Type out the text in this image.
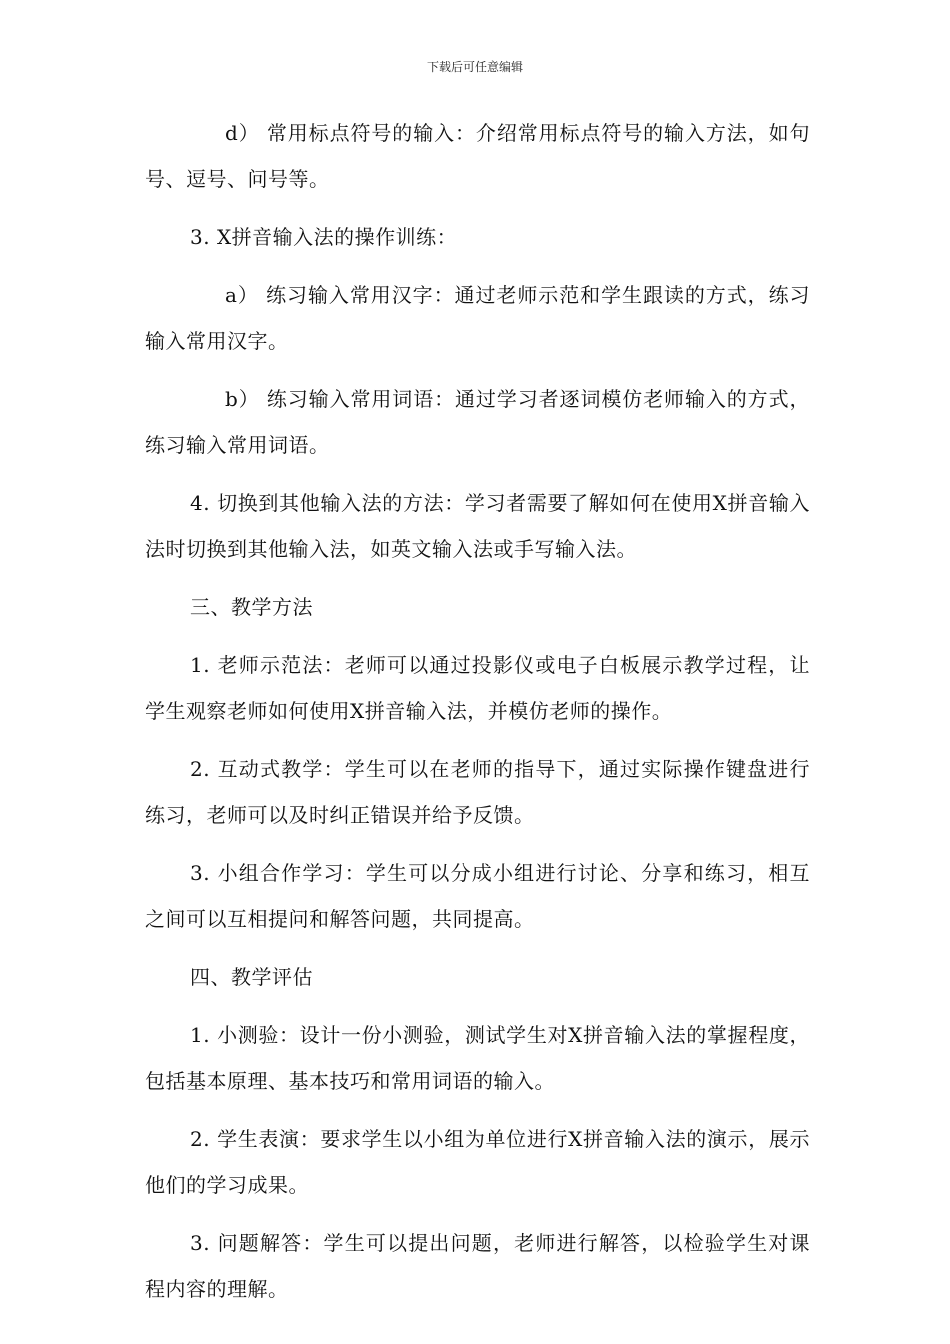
下载后可任意编辑

d） 常用标点符号的输入：介绍常用标点符号的输入方法，如句号、逗号、问号等。

3. X拼音输入法的操作训练：

a） 练习输入常用汉字：通过老师示范和学生跟读的方式，练习输入常用汉字。

b） 练习输入常用词语：通过学习者逐词模仿老师输入的方式，练习输入常用词语。

4. 切换到其他输入法的方法：学习者需要了解如何在使用X拼音输入法时切换到其他输入法，如英文输入法或手写输入法。

三、教学方法

1. 老师示范法：老师可以通过投影仪或电子白板展示教学过程，让学生观察老师如何使用X拼音输入法，并模仿老师的操作。

2. 互动式教学：学生可以在老师的指导下，通过实际操作键盘进行练习，老师可以及时纠正错误并给予反馈。

3. 小组合作学习：学生可以分成小组进行讨论、分享和练习，相互之间可以互相提问和解答问题，共同提高。

四、教学评估

1. 小测验：设计一份小测验，测试学生对X拼音输入法的掌握程度，包括基本原理、基本技巧和常用词语的输入。

2. 学生表演：要求学生以小组为单位进行X拼音输入法的演示，展示他们的学习成果。

3. 问题解答：学生可以提出问题，老师进行解答，以检验学生对课程内容的理解。
